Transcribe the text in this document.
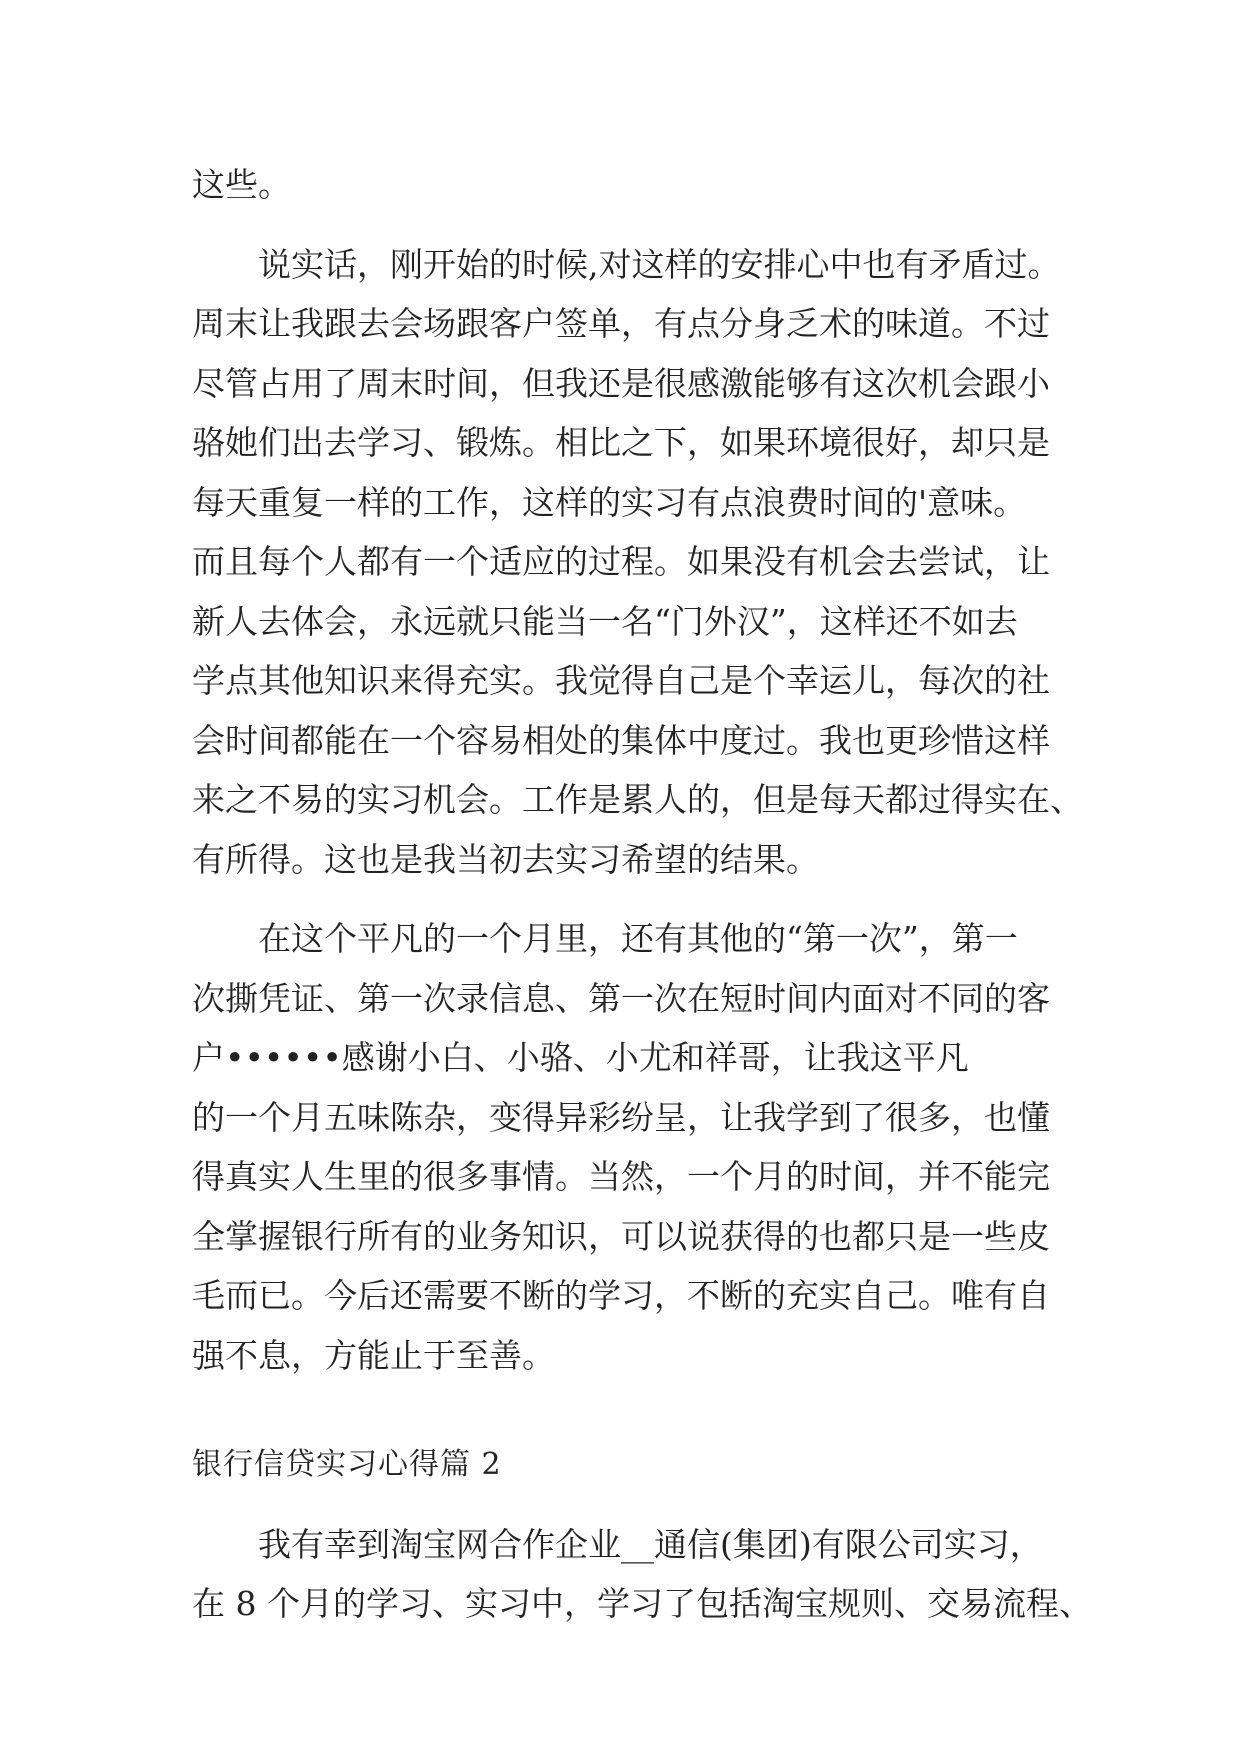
这些。
说实话，刚开始的时候,对这样的安排心中也有矛盾过。
周末让我跟去会场跟客户签单，有点分身乏术的味道。不过
尽管占用了周末时间，但我还是很感激能够有这次机会跟小
骆她们出去学习、锻炼。相比之下，如果环境很好，却只是
每天重复一样的工作，这样的实习有点浪费时间的'意味。
而且每个人都有一个适应的过程。如果没有机会去尝试，让
新人去体会，永远就只能当一名“门外汉”，这样还不如去
学点其他知识来得充实。我觉得自己是个幸运儿，每次的社
会时间都能在一个容易相处的集体中度过。我也更珍惜这样
来之不易的实习机会。工作是累人的，但是每天都过得实在、
有所得。这也是我当初去实习希望的结果。
在这个平凡的一个月里，还有其他的“第一次”，第一
次撕凭证、第一次录信息、第一次在短时间内面对不同的客
户••••••感谢小白、小骆、小尤和祥哥，让我这平凡
的一个月五味陈杂，变得异彩纷呈，让我学到了很多，也懂
得真实人生里的很多事情。当然，一个月的时间，并不能完
全掌握银行所有的业务知识，可以说获得的也都只是一些皮
毛而已。今后还需要不断的学习，不断的充实自己。唯有自
强不息，方能止于至善。
银行信贷实习心得篇 2
我有幸到淘宝网合作企业__通信(集团)有限公司实习，
在 8 个月的学习、实习中，学习了包括淘宝规则、交易流程、
